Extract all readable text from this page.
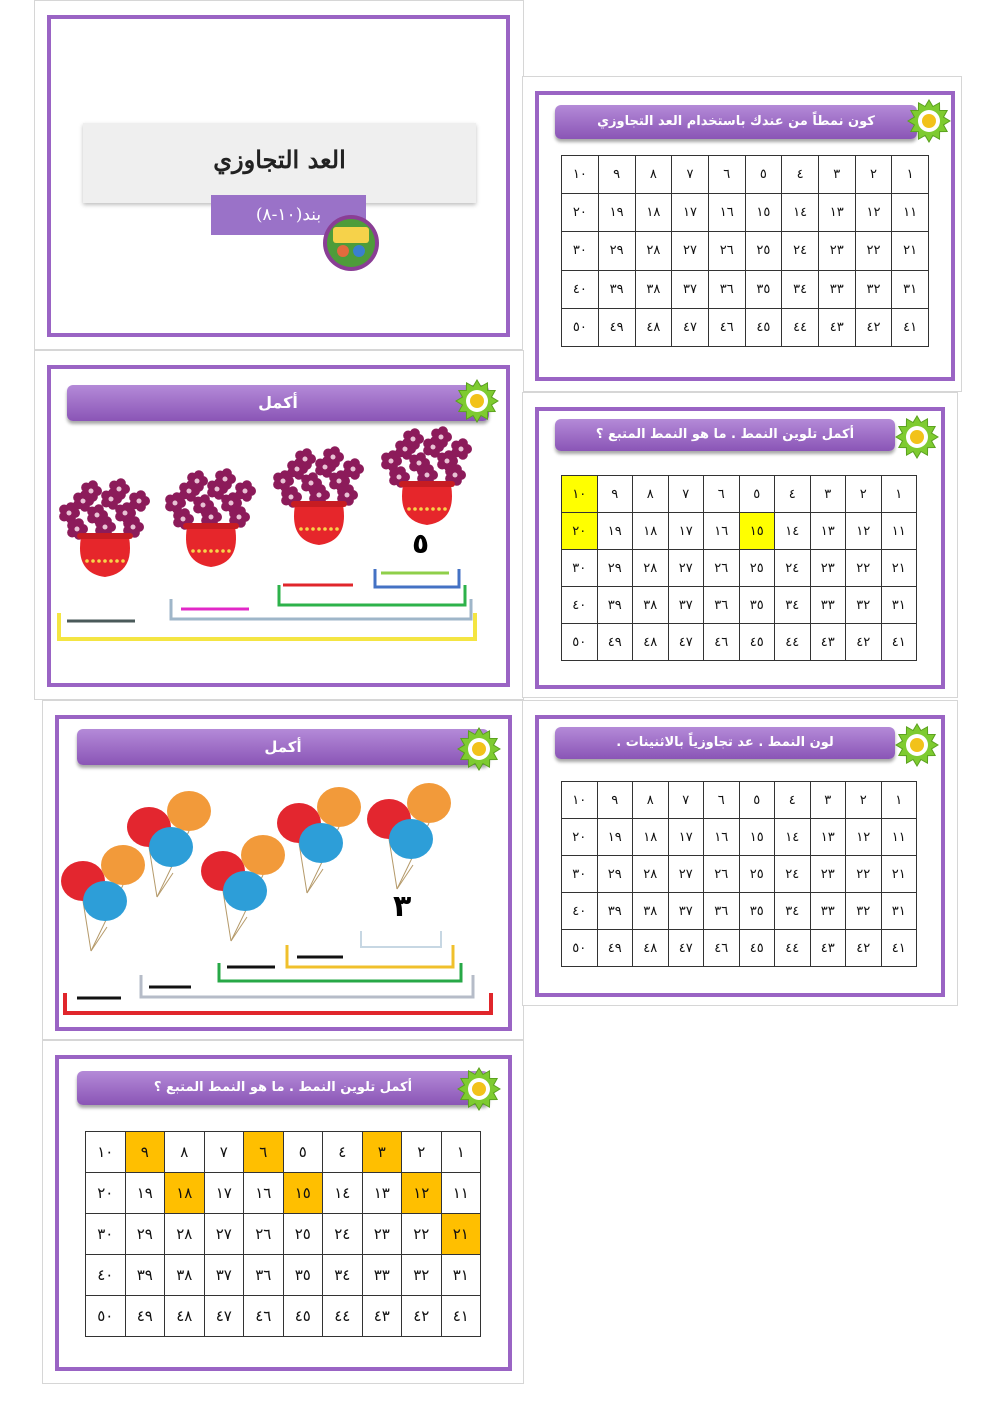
العد التجاوزي
بند(١٠-٨)
كون نمطاً من عندك باستخدام العد التجاوزي
١	٢	٣	٤	٥	٦	٧	٨	٩	١٠
١١	١٢	١٣	١٤	١٥	١٦	١٧	١٨	١٩	٢٠
٢١	٢٢	٢٣	٢٤	٢٥	٢٦	٢٧	٢٨	٢٩	٣٠
٣١	٣٢	٣٣	٣٤	٣٥	٣٦	٣٧	٣٨	٣٩	٤٠
٤١	٤٢	٤٣	٤٤	٤٥	٤٦	٤٧	٤٨	٤٩	٥٠
أكمل
٥
أكمل تلوين النمط . ما هو النمط المتبع ؟
١	٢	٣	٤	٥	٦	٧	٨	٩	١٠
١١	١٢	١٣	١٤	١٥	١٦	١٧	١٨	١٩	٢٠
٢١	٢٢	٢٣	٢٤	٢٥	٢٦	٢٧	٢٨	٢٩	٣٠
٣١	٣٢	٣٣	٣٤	٣٥	٣٦	٣٧	٣٨	٣٩	٤٠
٤١	٤٢	٤٣	٤٤	٤٥	٤٦	٤٧	٤٨	٤٩	٥٠
أكمل
٣
لون النمط . عد تجاوزياً بالاثنينات .
١	٢	٣	٤	٥	٦	٧	٨	٩	١٠
١١	١٢	١٣	١٤	١٥	١٦	١٧	١٨	١٩	٢٠
٢١	٢٢	٢٣	٢٤	٢٥	٢٦	٢٧	٢٨	٢٩	٣٠
٣١	٣٢	٣٣	٣٤	٣٥	٣٦	٣٧	٣٨	٣٩	٤٠
٤١	٤٢	٤٣	٤٤	٤٥	٤٦	٤٧	٤٨	٤٩	٥٠
أكمل تلوين النمط . ما هو النمط المتبع ؟
١	٢	٣	٤	٥	٦	٧	٨	٩	١٠
١١	١٢	١٣	١٤	١٥	١٦	١٧	١٨	١٩	٢٠
٢١	٢٢	٢٣	٢٤	٢٥	٢٦	٢٧	٢٨	٢٩	٣٠
٣١	٣٢	٣٣	٣٤	٣٥	٣٦	٣٧	٣٨	٣٩	٤٠
٤١	٤٢	٤٣	٤٤	٤٥	٤٦	٤٧	٤٨	٤٩	٥٠
